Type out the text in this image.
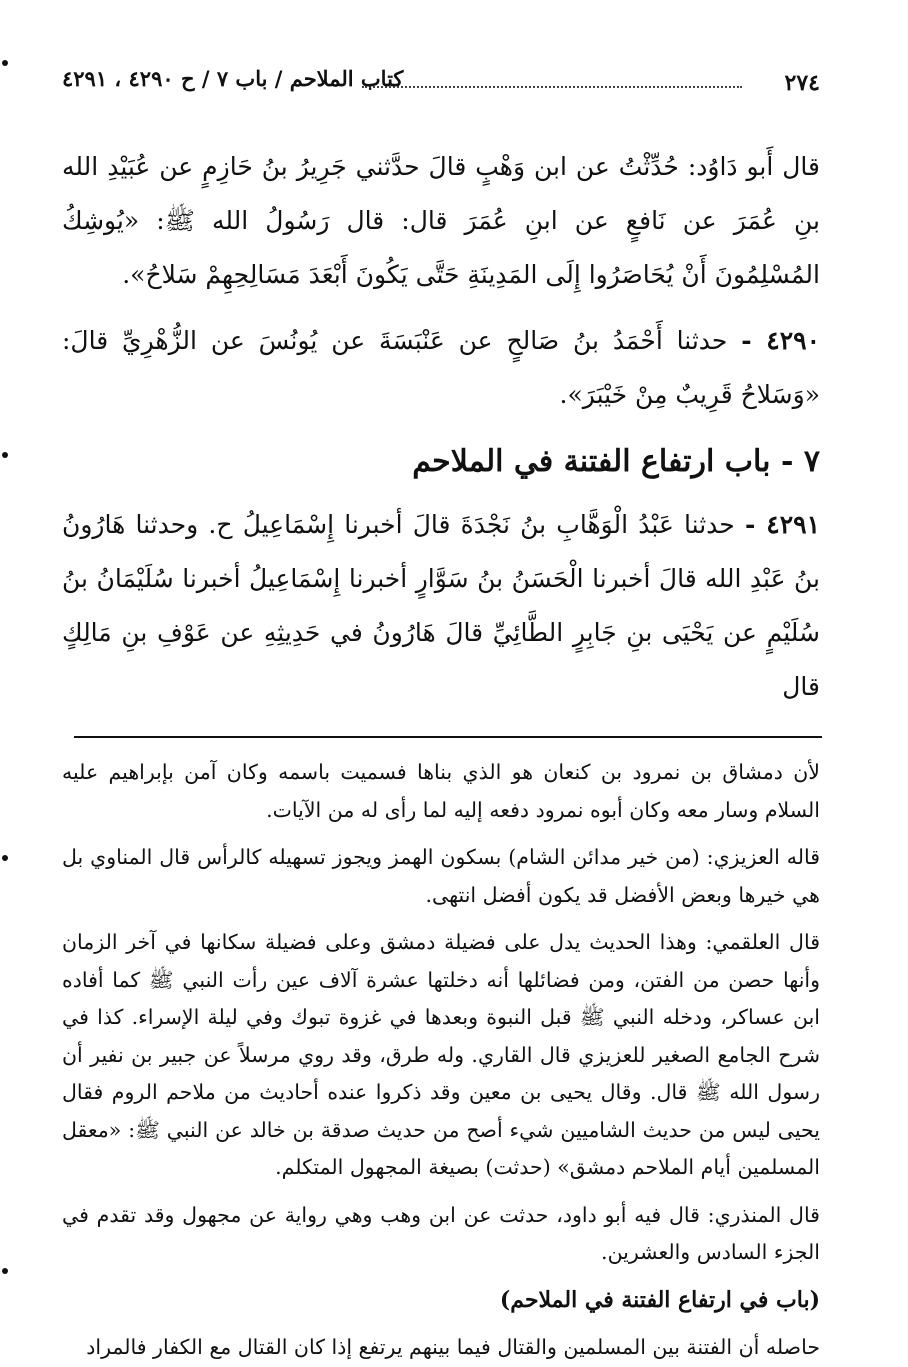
٢٧٤
كتاب الملاحم / باب ٧ / ح ٤٢٩٠ ، ٤٢٩١

قال أَبو دَاوُد: حُدِّثْتُ عن ابن وَهْبٍ قالَ حدَّثني جَرِيرُ بنُ حَازِمٍ عن عُبَيْدِ الله بنِ عُمَرَ عن نَافعٍ عن ابنِ عُمَرَ قال: قال رَسُولُ الله ﷺ: «يُوشِكُ المُسْلِمُونَ أَنْ يُحَاصَرُوا إِلَى المَدِينَةِ حَتَّى يَكُونَ أَبْعَدَ مَسَالِحِهِمْ سَلاحُ».

٤٢٩٠ - حدثنا أَحْمَدُ بنُ صَالحٍ عن عَنْبَسَةَ عن يُونُسَ عن الزُّهْرِيِّ قالَ: «وَسَلاحُ قَرِيبٌ مِنْ خَيْبَرَ».

٧ - باب ارتفاع الفتنة في الملاحم

٤٢٩١ - حدثنا عَبْدُ الْوَهَّابِ بنُ نَجْدَةَ قالَ أخبرنا إِسْمَاعِيلُ ح. وحدثنا هَارُونُ بنُ عَبْدِ الله قالَ أخبرنا الْحَسَنُ بنُ سَوَّارٍ أخبرنا إِسْمَاعِيلُ أخبرنا سُلَيْمَانُ بنُ سُلَيْمٍ عن يَحْيَى بنِ جَابِرٍ الطَّائِيِّ قالَ هَارُونُ في حَدِيثِهِ عن عَوْفِ بنِ مَالِكٍ قال

لأن دمشاق بن نمرود بن كنعان هو الذي بناها فسميت باسمه وكان آمن بإبراهيم عليه السلام وسار معه وكان أبوه نمرود دفعه إليه لما رأى له من الآيات.

قاله العزيزي: (من خير مدائن الشام) بسكون الهمز ويجوز تسهيله كالرأس قال المناوي بل هي خيرها وبعض الأفضل قد يكون أفضل انتهى.

قال العلقمي: وهذا الحديث يدل على فضيلة دمشق وعلى فضيلة سكانها في آخر الزمان وأنها حصن من الفتن، ومن فضائلها أنه دخلتها عشرة آلاف عين رأت النبي ﷺ كما أفاده ابن عساكر، ودخله النبي ﷺ قبل النبوة وبعدها في غزوة تبوك وفي ليلة الإسراء. كذا في شرح الجامع الصغير للعزيزي قال القاري. وله طرق، وقد روي مرسلاً عن جبير بن نفير أن رسول الله ﷺ قال. وقال يحيى بن معين وقد ذكروا عنده أحاديث من ملاحم الروم فقال يحيى ليس من حديث الشاميين شيء أصح من حديث صدقة بن خالد عن النبي ﷺ: «معقل المسلمين أيام الملاحم دمشق» (حدثت) بصيغة المجهول المتكلم.

قال المنذري: قال فيه أبو داود، حدثت عن ابن وهب وهي رواية عن مجهول وقد تقدم في الجزء السادس والعشرين.

(باب في ارتفاع الفتنة في الملاحم)

حاصله أن الفتنة بين المسلمين والقتال فيما بينهم يرتفع إذا كان القتال مع الكفار فالمراد
